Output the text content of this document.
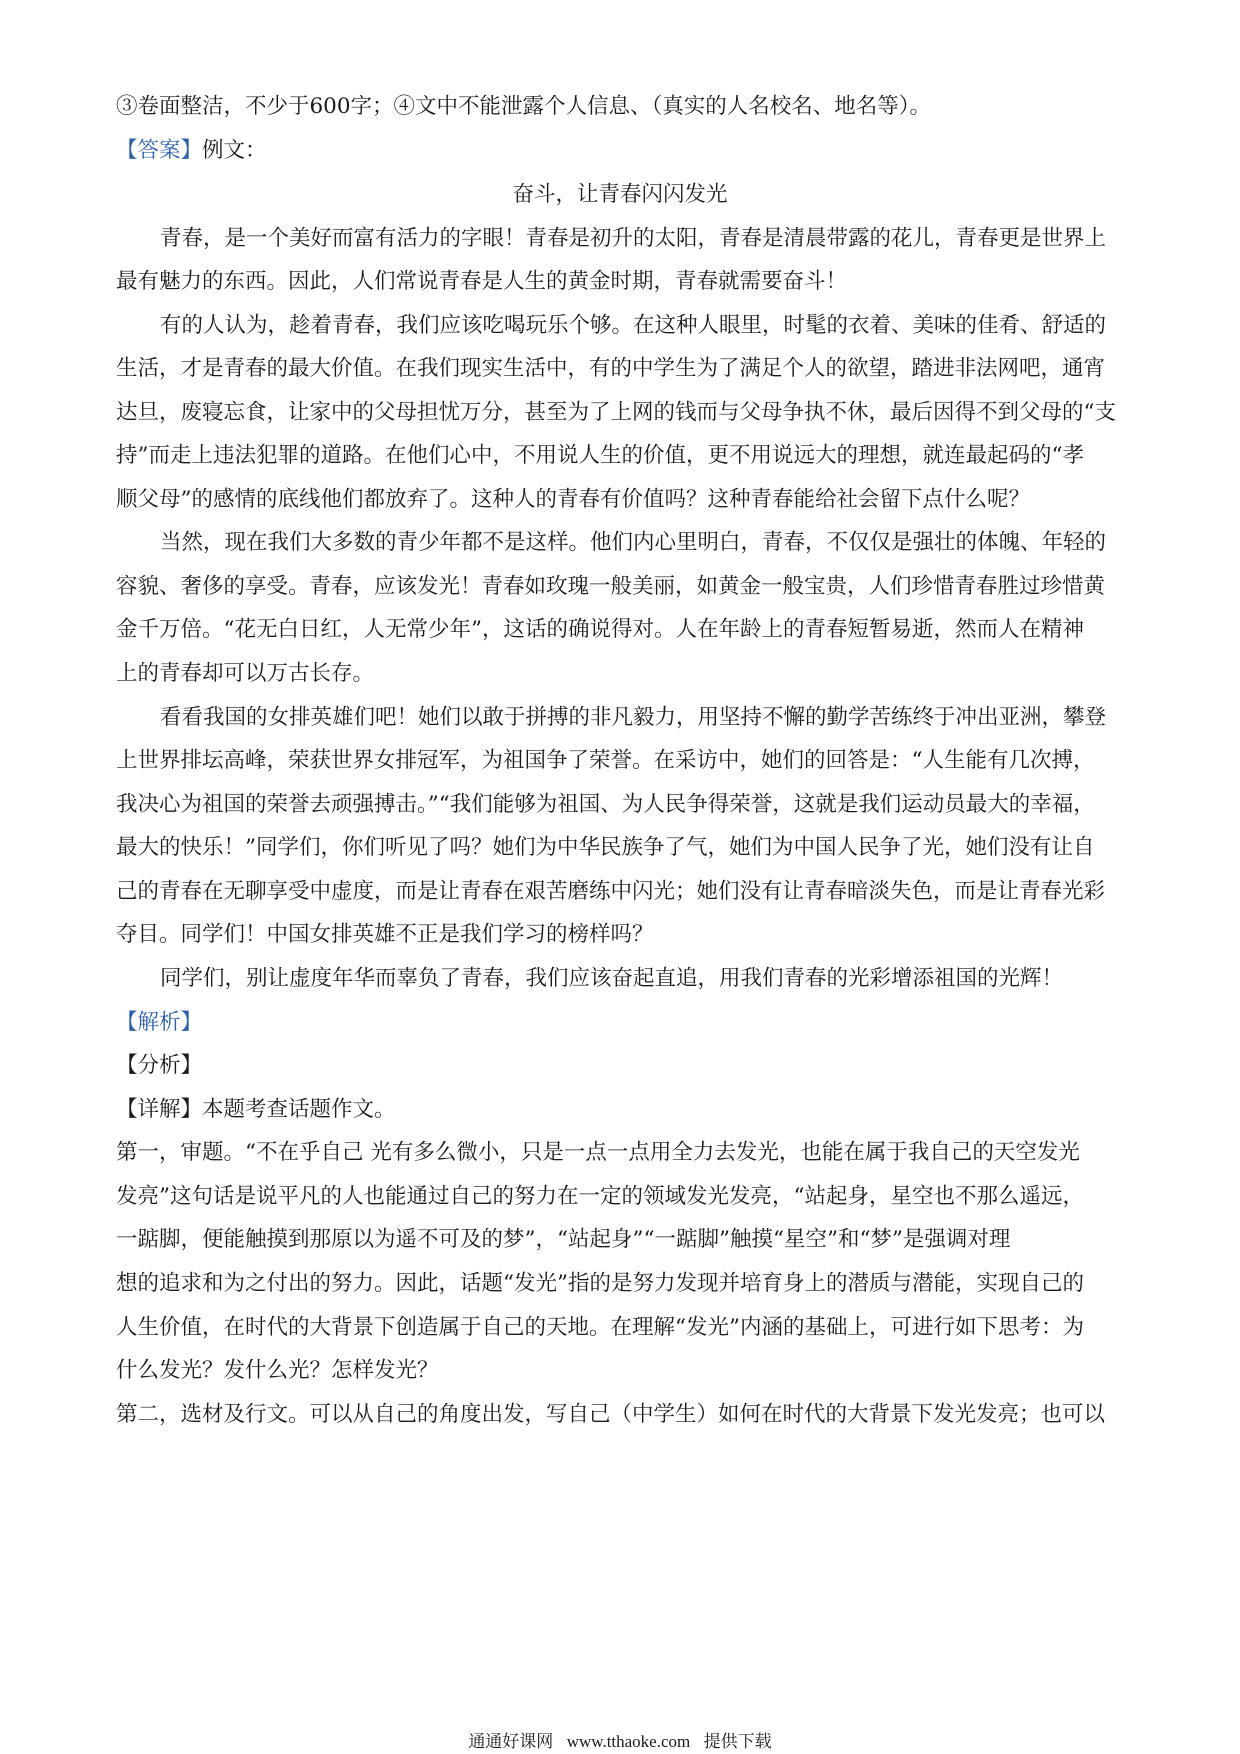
③卷面整洁，不少于600字；④文中不能泄露个人信息、（真实的人名校名、地名等）。
【答案】例文：
奋斗，让青春闪闪发光
青春，是一个美好而富有活力的字眼！青春是初升的太阳，青春是清晨带露的花儿，青春更是世界上
最有魅力的东西。因此，人们常说青春是人生的黄金时期，青春就需要奋斗！
有的人认为，趁着青春，我们应该吃喝玩乐个够。在这种人眼里，时髦的衣着、美味的佳肴、舒适的
生活，才是青春的最大价值。在我们现实生活中，有的中学生为了满足个人的欲望，踏进非法网吧，通宵
达旦，废寝忘食，让家中的父母担忧万分，甚至为了上网的钱而与父母争执不休，最后因得不到父母的“支
持”而走上违法犯罪的道路。在他们心中，不用说人生的价值，更不用说远大的理想，就连最起码的“孝
顺父母”的感情的底线他们都放弃了。这种人的青春有价值吗？这种青春能给社会留下点什么呢？
当然，现在我们大多数的青少年都不是这样。他们内心里明白，青春，不仅仅是强壮的体魄、年轻的
容貌、奢侈的享受。青春，应该发光！青春如玫瑰一般美丽，如黄金一般宝贵，人们珍惜青春胜过珍惜黄
金千万倍。“花无白日红，人无常少年”，这话的确说得对。人在年龄上的青春短暂易逝，然而人在精神
上的青春却可以万古长存。
看看我国的女排英雄们吧！她们以敢于拼搏的非凡毅力，用坚持不懈的勤学苦练终于冲出亚洲，攀登
上世界排坛高峰，荣获世界女排冠军，为祖国争了荣誉。在采访中，她们的回答是：“人生能有几次搏，
我决心为祖国的荣誉去顽强搏击。”“我们能够为祖国、为人民争得荣誉，这就是我们运动员最大的幸福，
最大的快乐！”同学们，你们听见了吗？她们为中华民族争了气，她们为中国人民争了光，她们没有让自
己的青春在无聊享受中虚度，而是让青春在艰苦磨练中闪光；她们没有让青春暗淡失色，而是让青春光彩
夺目。同学们！中国女排英雄不正是我们学习的榜样吗？
同学们，别让虚度年华而辜负了青春，我们应该奋起直追，用我们青春的光彩增添祖国的光辉！
【解析】
【分析】
【详解】本题考查话题作文。
第一，审题。“不在乎自己 光有多么微小，只是一点一点用全力去发光，也能在属于我自己的天空发光
发亮”这句话是说平凡的人也能通过自己的努力在一定的领域发光发亮，“站起身，星空也不那么遥远，
一踮脚，便能触摸到那原以为遥不可及的梦”，“站起身”“一踮脚”触摸“星空”和“梦”是强调对理
想的追求和为之付出的努力。因此，话题“发光”指的是努力发现并培育身上的潜质与潜能，实现自己的
人生价值，在时代的大背景下创造属于自己的天地。在理解“发光”内涵的基础上，可进行如下思考：为
什么发光？发什么光？怎样发光？
第二，选材及行文。可以从自己的角度出发，写自己（中学生）如何在时代的大背景下发光发亮；也可以
通通好课网 www.tthaoke.com 提供下载
